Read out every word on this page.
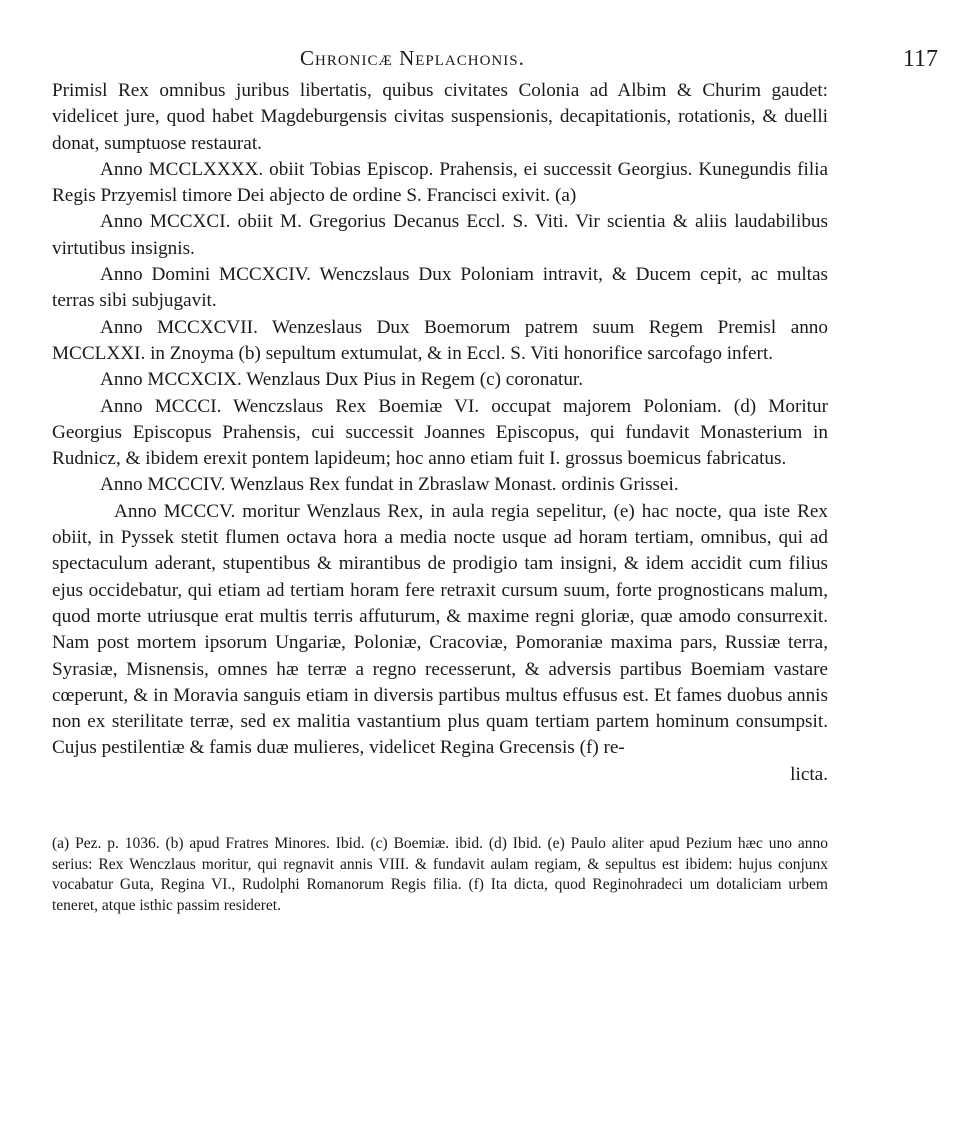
Chronicæ Neplachonis.	117

Primisl Rex omnibus juribus libertatis, quibus civitates Colonia ad Albim & Churim gaudet: videlicet jure, quod habet Magdeburgensis civitas suspensionis, decapitationis, rotationis, & duelli donat, sumptuose restaurat.

Anno MCCLXXXX. obiit Tobias Episcop. Prahensis, ei successit Georgius. Kunegundis filia Regis Przyemisl timore Dei abjecto de ordine S. Francisci exivit. (a)

Anno MCCXCI. obiit M. Gregorius Decanus Eccl. S. Viti. Vir scientia & aliis laudabilibus virtutibus insignis.

Anno Domini MCCXCIV. Wenczslaus Dux Poloniam intravit, & Ducem cepit, ac multas terras sibi subjugavit.

Anno MCCXCVII. Wenzeslaus Dux Boemorum patrem suum Regem Premisl anno MCCLXXI. in Znoyma (b) sepultum extumulat, & in Eccl. S. Viti honorifice sarcofago infert.

Anno MCCXCIX. Wenzlaus Dux Pius in Regem (c) coronatur.

Anno MCCCI. Wenczslaus Rex Boemiæ VI. occupat majorem Poloniam. (d) Moritur Georgius Episcopus Prahensis, cui successit Joannes Episcopus, qui fundavit Monasterium in Rudnicz, & ibidem erexit pontem lapideum; hoc anno etiam fuit I. grossus boemicus fabricatus.

Anno MCCCIV. Wenzlaus Rex fundat in Zbraslaw Monast. ordinis Grissei.

Anno MCCCV. moritur Wenzlaus Rex, in aula regia sepelitur, (e) hac nocte, qua iste Rex obiit, in Pyssek stetit flumen octava hora a media nocte usque ad horam tertiam, omnibus, qui ad spectaculum aderant, stupentibus & mirantibus de prodigio tam insigni, & idem accidit cum filius ejus occidebatur, qui etiam ad tertiam horam fere retraxit cursum suum, forte prognosticans malum, quod morte utriusque erat multis terris affuturum, & maxime regni gloriæ, quæ amodo consurrexit. Nam post mortem ipsorum Ungariæ, Poloniæ, Cracoviæ, Pomoraniæ maxima pars, Russiæ terra, Syrasiæ, Misnensis, omnes hæ terræ a regno recesserunt, & adversis partibus Boemiam vastare cœperunt, & in Moravia sanguis etiam in diversis partibus multus effusus est. Et fames duobus annis non ex sterilitate terræ, sed ex malitia vastantium plus quam tertiam partem hominum consumpsit. Cujus pestilentiæ & famis duæ mulieres, videlicet Regina Grecensis (f) re-

licta.

(a) Pez. p. 1036. (b) apud Fratres Minores. Ibid. (c) Boemiæ. ibid. (d) Ibid. (e) Paulo aliter apud Pezium hæc uno anno serius: Rex Wenczlaus moritur, qui regnavit annis VIII. & fundavit aulam regiam, & sepultus est ibidem: hujus conjunx vocabatur Guta, Regina VI., Rudolphi Romanorum Regis filia. (f) Ita dicta, quod Reginohradeci um dotaliciam urbem teneret, atque isthic passim resideret.
